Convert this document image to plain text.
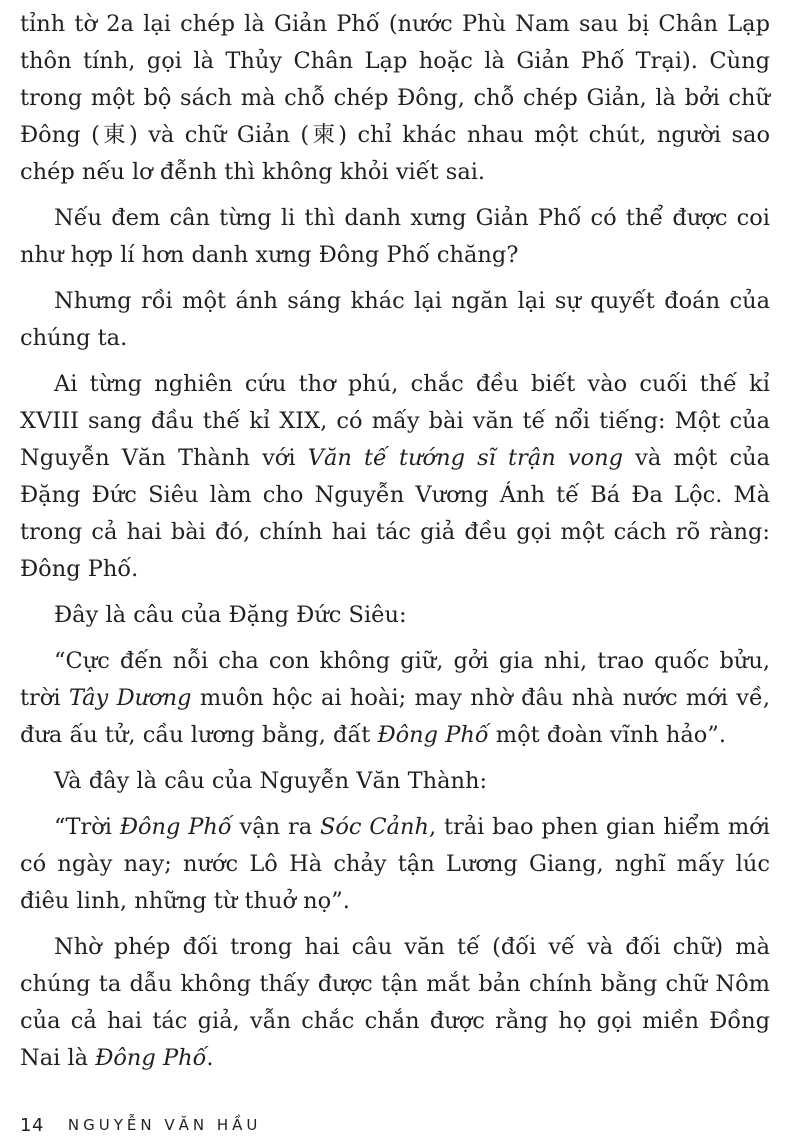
tỉnh tờ 2a lại chép là Giản Phố (nước Phù Nam sau bị Chân Lạp thôn tính, gọi là Thủy Chân Lạp hoặc là Giản Phố Trại). Cùng trong một bộ sách mà chỗ chép Đông, chỗ chép Giản, là bởi chữ Đông (東) và chữ Giản (柬) chỉ khác nhau một chút, người sao chép nếu lơ đễnh thì không khỏi viết sai.

Nếu đem cân từng li thì danh xưng Giản Phố có thể được coi như hợp lí hơn danh xưng Đông Phố chăng?

Nhưng rồi một ánh sáng khác lại ngăn lại sự quyết đoán của chúng ta.

Ai từng nghiên cứu thơ phú, chắc đều biết vào cuối thế kỉ XVIII sang đầu thế kỉ XIX, có mấy bài văn tế nổi tiếng: Một của Nguyễn Văn Thành với Văn tế tướng sĩ trận vong và một của Đặng Đức Siêu làm cho Nguyễn Vương Ánh tế Bá Đa Lộc. Mà trong cả hai bài đó, chính hai tác giả đều gọi một cách rõ ràng: Đông Phố.

Đây là câu của Đặng Đức Siêu:

“Cực đến nỗi cha con không giữ, gởi gia nhi, trao quốc bửu, trời Tây Dương muôn hộc ai hoài; may nhờ đâu nhà nước mới về, đưa ấu tử, cầu lương bằng, đất Đông Phố một đoàn vĩnh hảo”.

Và đây là câu của Nguyễn Văn Thành:

“Trời Đông Phố vận ra Sóc Cảnh, trải bao phen gian hiểm mới có ngày nay; nước Lô Hà chảy tận Lương Giang, nghĩ mấy lúc điêu linh, những từ thuở nọ”.

Nhờ phép đối trong hai câu văn tế (đối vế và đối chữ) mà chúng ta dẫu không thấy được tận mắt bản chính bằng chữ Nôm của cả hai tác giả, vẫn chắc chắn được rằng họ gọi miền Đồng Nai là Đông Phố.

14 NGUYỄN VĂN HẦU
